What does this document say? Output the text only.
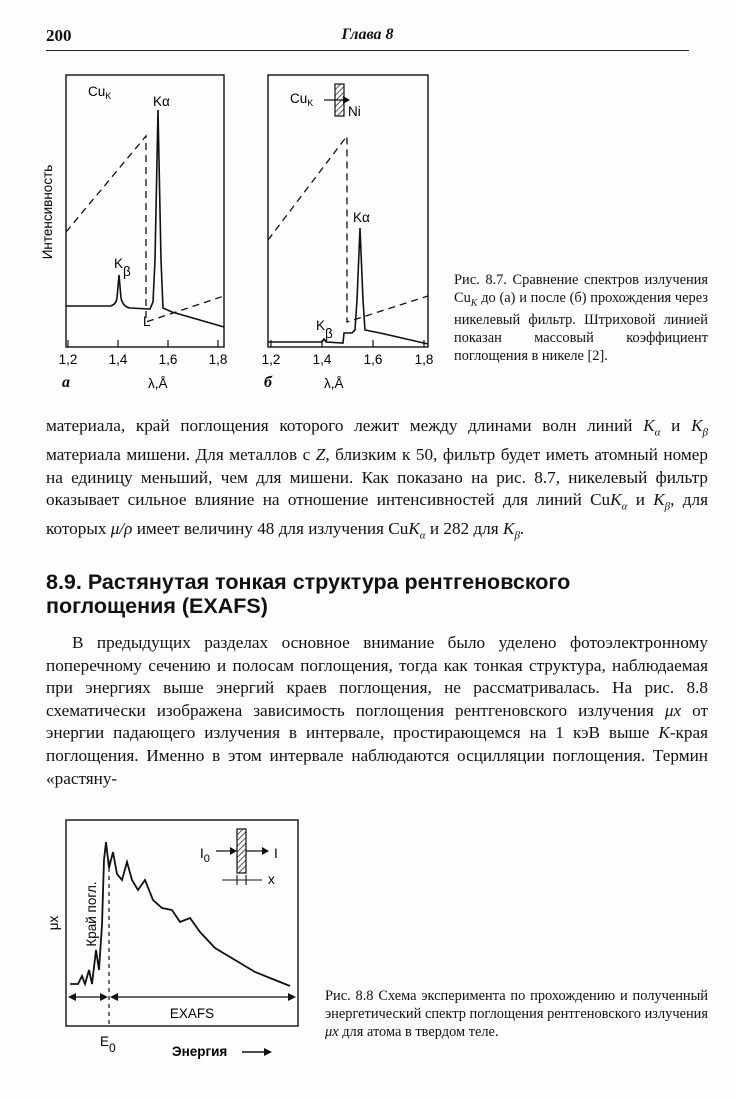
200	Глава 8
Интенсивность
$Cu_K$	Kα
Kβ
L
1,2 1,4 1,6 1,8
а	λ,Å
$Cu_K$
Ni
Kα
Kβ
1,2 1,4 1,6 1,8
б	λ,Å
Рис. 8.7. Сравнение спектров излучения $Cu_K$ до (а) и после (б) прохождения через никелевый фильтр. Штриховой линией показан массовый коэффициент поглощения в никеле [2].
материала, край поглощения которого лежит между длинами волн линий $K_\alpha$ и $K_\beta$ материала мишени. Для металлов с Z, близким к 50, фильтр будет иметь атомный номер на единицу меньший, чем для мишени. Как показано на рис. 8.7, никелевый фильтр оказывает сильное влияние на отношение интенсивностей для линий CuK$_\alpha$ и $K_\beta$, для которых μ/ρ имеет величину 48 для излучения CuK$_\alpha$ и 282 для $K_\beta$.
8.9. Растянутая тонкая структура рентгеновского поглощения (EXAFS)
В предыдущих разделах основное внимание было уделено фотоэлектронному поперечному сечению и полосам поглощения, тогда как тонкая структура, наблюдаемая при энергиях выше энергий краев поглощения, не рассматривалась. На рис. 8.8 схематически изображена зависимость поглощения рентгеновского излучения μx от энергии падающего излучения в интервале, простирающемся на 1 кэВ выше K-края поглощения. Именно в этом интервале наблюдаются осцилляции поглощения. Термин «растяну-
μx Край погл.
EXAFS
$I_0$	I
x
E0	Энергия
Рис. 8.8 Схема эксперимента по прохождению и полученный энергетический спектр поглощения рентгеновского излучения μx для атома в твердом теле.
